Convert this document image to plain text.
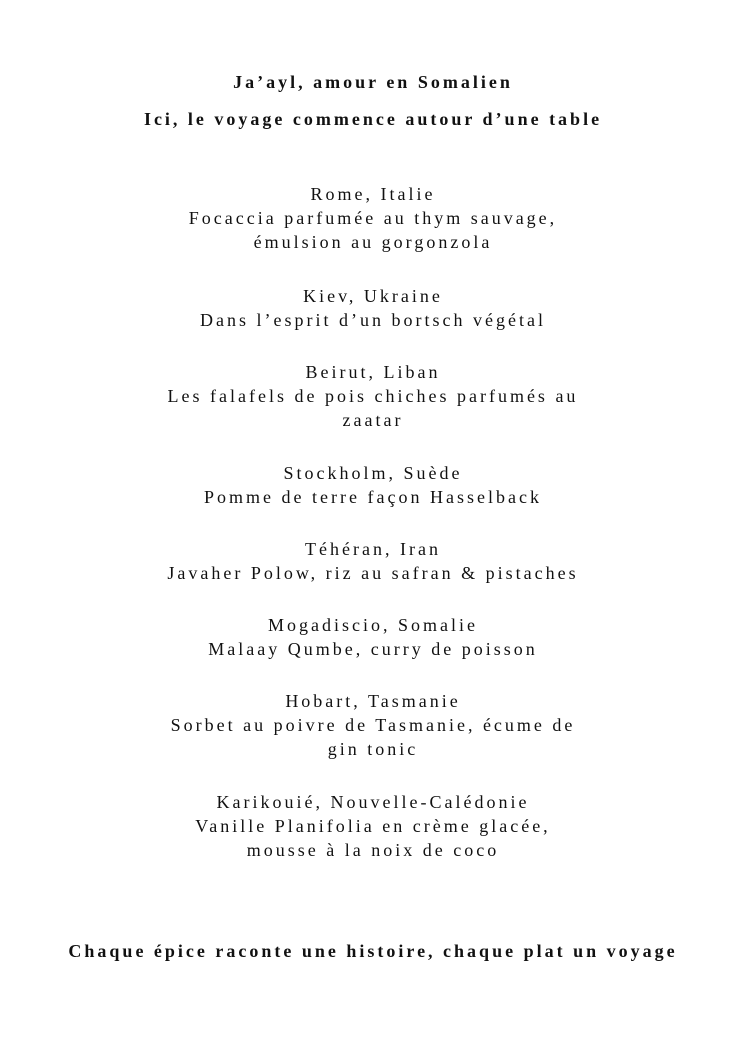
Ja’ayl, amour en Somalien
Ici, le voyage commence autour d’une table
Rome, Italie
Focaccia parfumée au thym sauvage,
émulsion au gorgonzola
Kiev, Ukraine
Dans l’esprit d’un bortsch végétal
Beirut, Liban
Les falafels de pois chiches parfumés au
zaatar
Stockholm, Suède
Pomme de terre façon Hasselback
Téhéran, Iran
Javaher Polow, riz au safran & pistaches
Mogadiscio, Somalie
Malaay Qumbe, curry de poisson
Hobart, Tasmanie
Sorbet au poivre de Tasmanie, écume de
gin tonic
Karikouié, Nouvelle-Calédonie
Vanille Planifolia en crème glacée,
mousse à la noix de coco
Chaque épice raconte une histoire, chaque plat un voyage
